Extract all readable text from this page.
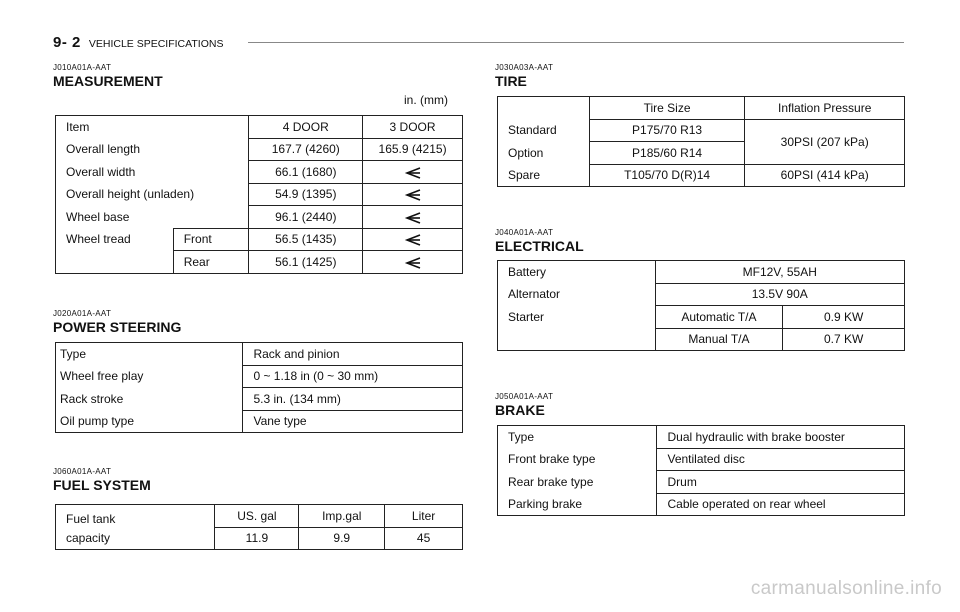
9- 2 VEHICLE SPECIFICATIONS
J010A01A-AAT
MEASUREMENT
in. (mm)
Item		4 DOOR	3 DOOR
Overall length		167.7 (4260)	165.9 (4215)
Overall width		66.1 (1680)	
Overall height (unladen)		54.9 (1395)	
Wheel base		96.1 (2440)	
Wheel tread	Front	56.5 (1435)	
	Rear	56.1 (1425)	
J020A01A-AAT
POWER STEERING
Type	Rack and pinion
Wheel free play	0 ~ 1.18 in (0 ~ 30 mm)
Rack stroke	5.3 in. (134 mm)
Oil pump type	Vane type
J060A01A-AAT
FUEL SYSTEM
Fuel tank
capacity	US. gal	Imp.gal	Liter
	11.9	9.9	45
J030A03A-AAT
TIRE
	Tire Size	Inflation Pressure
Standard	P175/70 R13	30PSI (207 kPa)
Option	P185/60 R14	
Spare	T105/70 D(R)14	60PSI (414 kPa)
J040A01A-AAT
ELECTRICAL
Battery	MF12V, 55AH	
Alternator	13.5V 90A	
Starter	Automatic T/A	0.9 KW
	Manual T/A	0.7 KW
J050A01A-AAT
BRAKE
Type	Dual hydraulic with brake booster
Front brake type	Ventilated disc
Rear brake type	Drum
Parking brake	Cable operated on rear wheel
carmanualsonline.info
